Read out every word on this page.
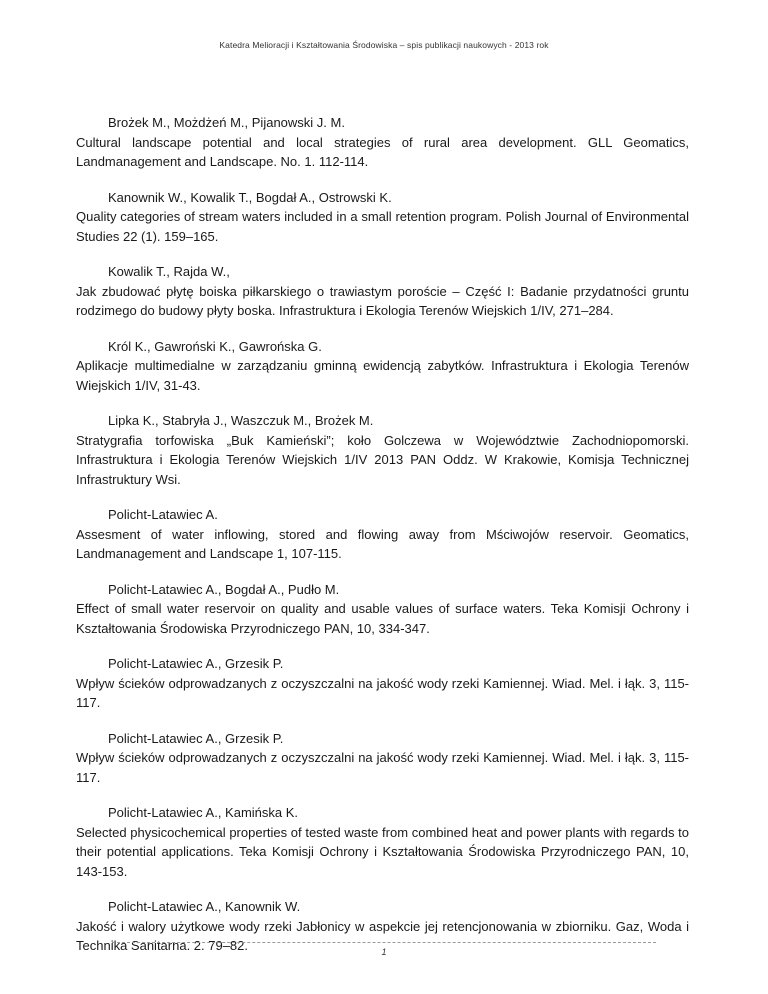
Katedra Melioracji i Kształtowania Środowiska – spis publikacji naukowych - 2013 rok
Brożek M., Możdżeń M., Pijanowski J. M.
Cultural landscape potential and local strategies of rural area development. GLL Geomatics, Landmanagement and Landscape. No. 1. 112-114.
Kanownik W., Kowalik T., Bogdał A., Ostrowski K.
Quality categories of stream waters included in a small retention program. Polish Journal of Environmental Studies 22 (1). 159–165.
Kowalik T., Rajda W.,
Jak zbudować płytę boiska piłkarskiego o trawiastym poroście – Część I: Badanie przydatności gruntu rodzimego do budowy płyty boska. Infrastruktura i Ekologia Terenów Wiejskich 1/IV, 271–284.
Król K., Gawroński K., Gawrońska G.
Aplikacje multimedialne w zarządzaniu gminną ewidencją zabytków. Infrastruktura i Ekologia Terenów Wiejskich 1/IV, 31-43.
Lipka K., Stabryła J., Waszczuk M., Brożek M.
Stratygrafia torfowiska „Buk Kamieński”; koło Golczewa w Województwie Zachodniopomorski. Infrastruktura i Ekologia Terenów Wiejskich 1/IV 2013 PAN Oddz. W Krakowie, Komisja Technicznej Infrastruktury Wsi.
Policht-Latawiec A.
Assesment of water inflowing, stored and flowing away from Mściwojów reservoir. Geomatics, Landmanagement and Landscape 1, 107-115.
Policht-Latawiec A., Bogdał A., Pudło M.
Effect of small water reservoir on quality and usable values of surface waters. Teka Komisji Ochrony i Kształtowania Środowiska Przyrodniczego PAN, 10, 334-347.
Policht-Latawiec A., Grzesik P.
Wpływ ścieków odprowadzanych z oczyszczalni na jakość wody rzeki Kamiennej. Wiad. Mel. i łąk. 3, 115-117.
Policht-Latawiec A., Grzesik P.
Wpływ ścieków odprowadzanych z oczyszczalni na jakość wody rzeki Kamiennej. Wiad. Mel. i łąk. 3, 115-117.
Policht-Latawiec A., Kamińska K.
Selected physicochemical properties of tested waste from combined heat and power plants with regards to their potential applications. Teka Komisji Ochrony i Kształtowania Środowiska Przyrodniczego PAN, 10, 143-153.
Policht-Latawiec A., Kanownik W.
Jakość i walory użytkowe wody rzeki Jabłonicy w aspekcie jej retencjonowania w zbiorniku. Gaz, Woda i Technika Sanitarna. 2. 79–82.	1
